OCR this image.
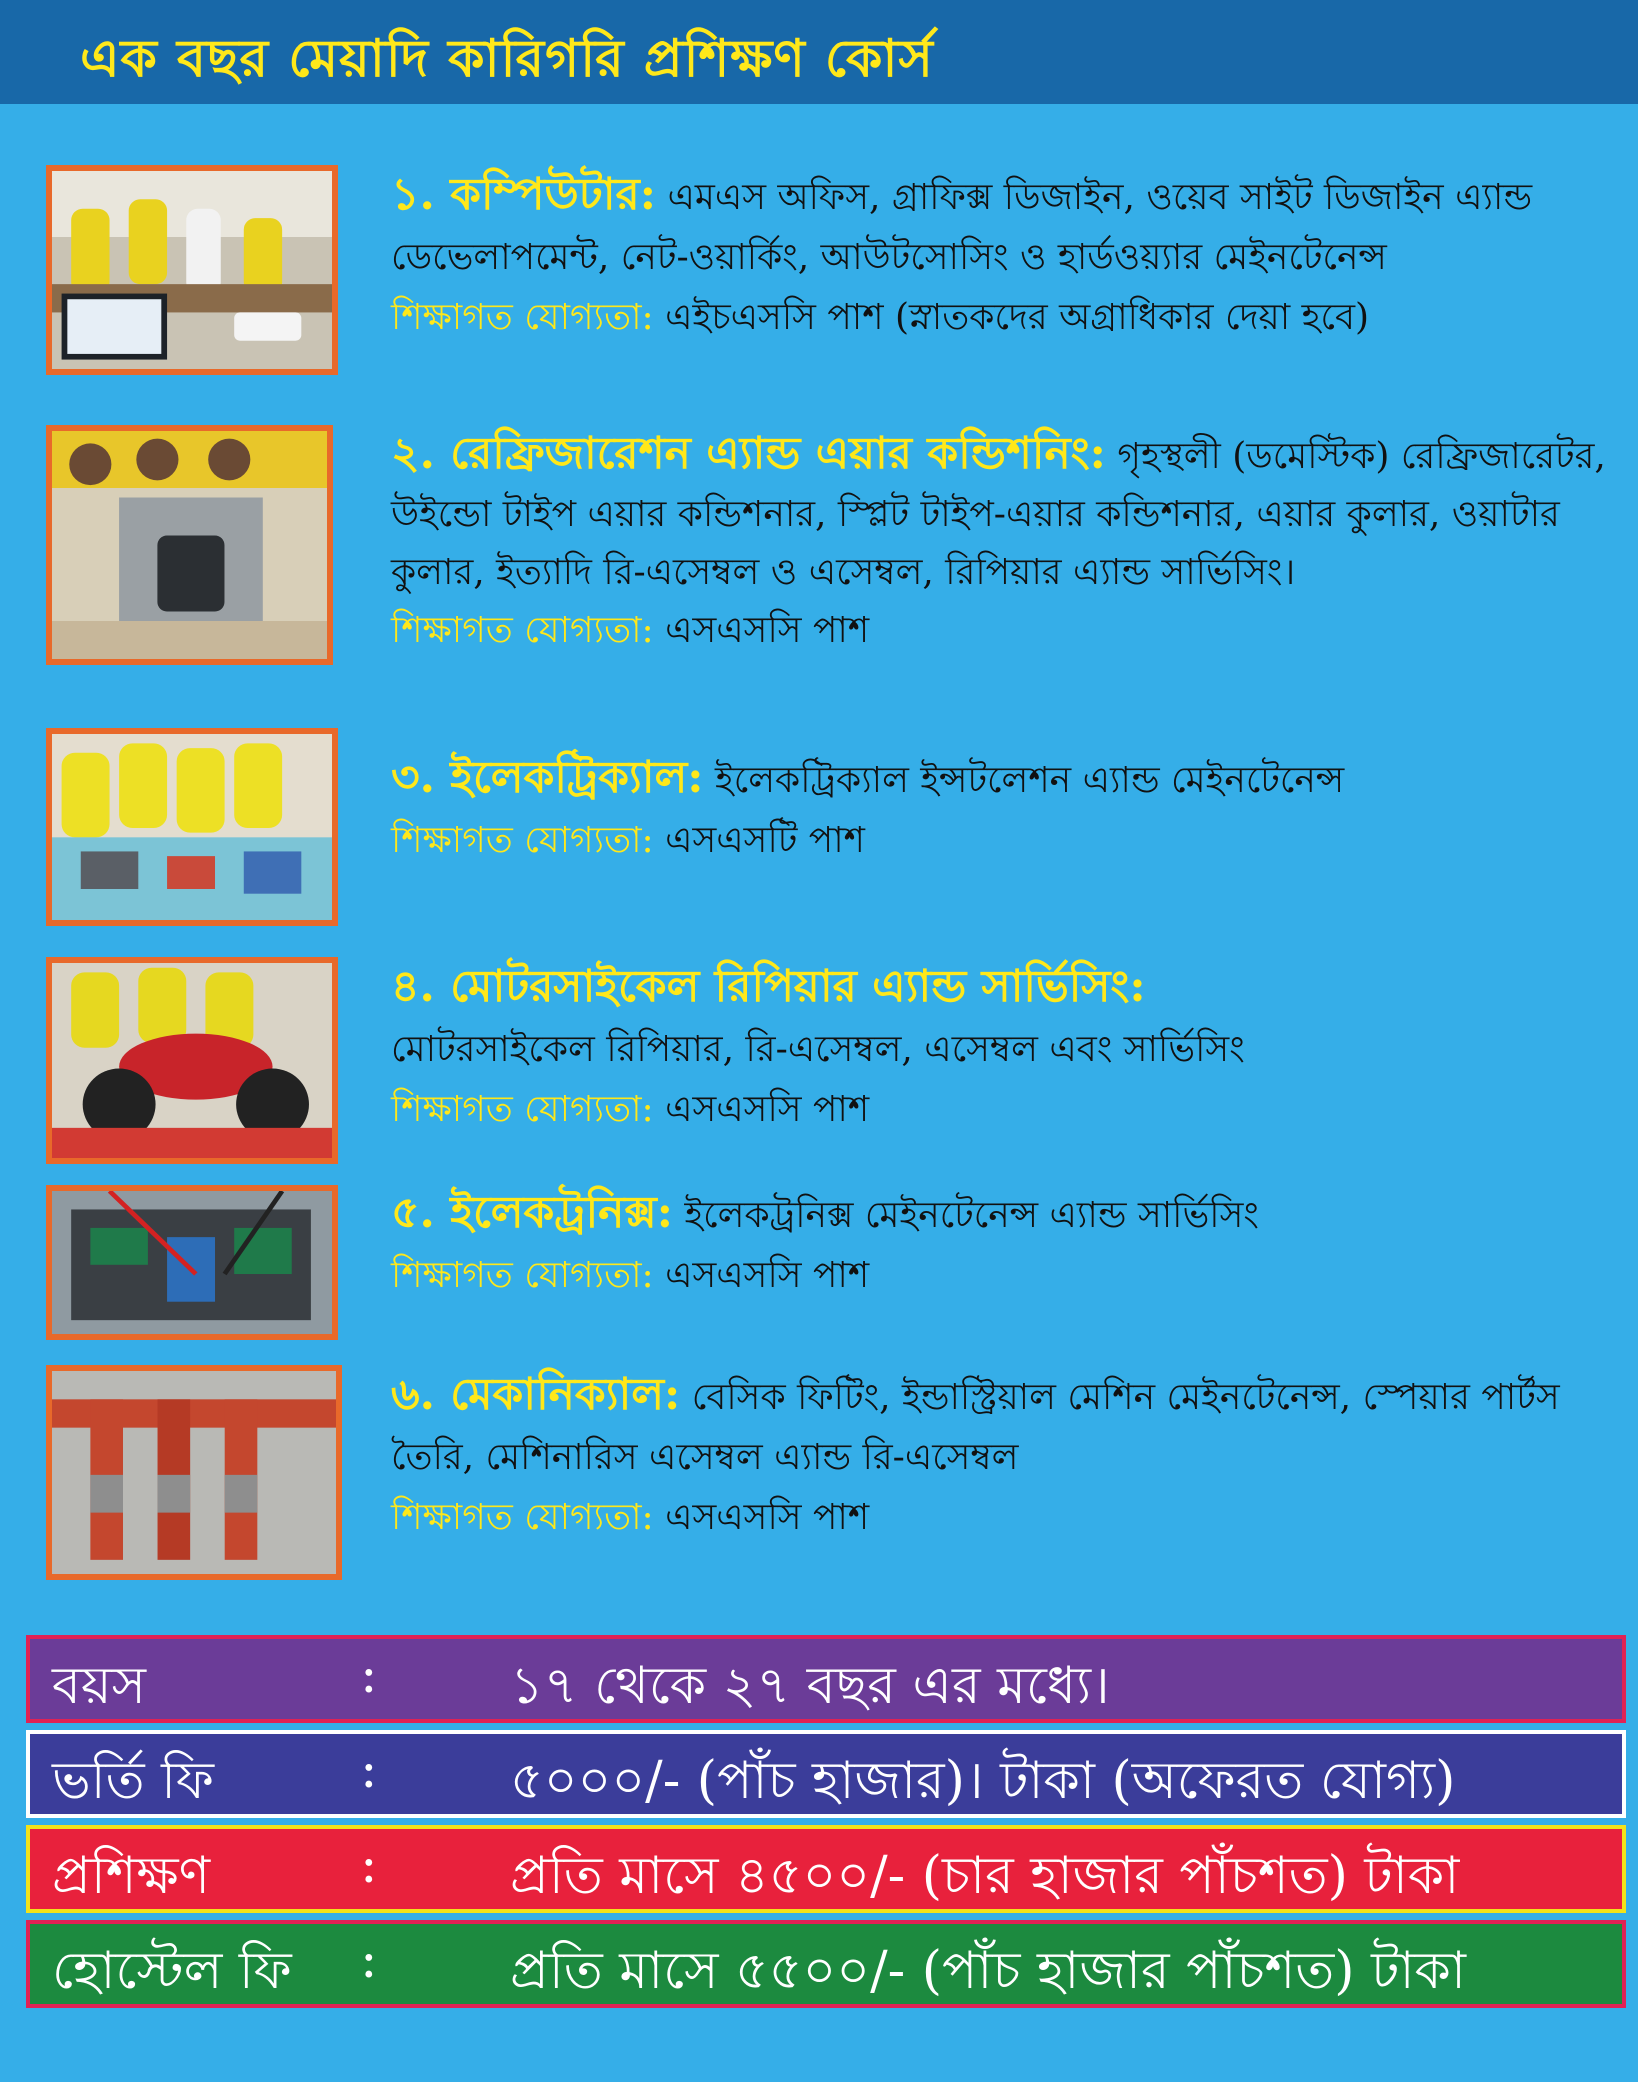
এক বছর মেয়াদি কারিগরি প্রশিক্ষণ কোর্স
১. কম্পিউটার: এমএস অফিস, গ্রাফিক্স ডিজাইন, ওয়েব সাইট ডিজাইন এ্যান্ড ডেভেলাপমেন্ট, নেট-ওয়ার্কিং, আউটসোসিং ও হার্ডওয়্যার মেইনটেনেন্স
শিক্ষাগত যোগ্যতা: এইচএসসি পাশ (স্নাতকদের অগ্রাধিকার দেয়া হবে)
২. রেফ্রিজারেশন এ্যান্ড এয়ার কন্ডিশনিং: গৃহস্থলী (ডমেস্টিক) রেফ্রিজারেটর, উইন্ডো টাইপ এয়ার কন্ডিশনার, স্প্লিট টাইপ-এয়ার কন্ডিশনার, এয়ার কুলার, ওয়াটার কুলার, ইত্যাদি রি-এসেম্বল ও এসেম্বল, রিপিয়ার এ্যান্ড সার্ভিসিং।
শিক্ষাগত যোগ্যতা: এসএসসি পাশ
৩. ইলেকট্রিক্যাল: ইলেকট্রিক্যাল ইন্সটলেশন এ্যান্ড মেইনটেনেন্স
শিক্ষাগত যোগ্যতা: এসএসটি পাশ
৪. মোটরসাইকেল রিপিয়ার এ্যান্ড সার্ভিসিং:
মোটরসাইকেল রিপিয়ার, রি-এসেম্বল, এসেম্বল এবং সার্ভিসিং
শিক্ষাগত যোগ্যতা: এসএসসি পাশ
৫. ইলেকট্রনিক্স: ইলেকট্রনিক্স মেইনটেনেন্স এ্যান্ড সার্ভিসিং
শিক্ষাগত যোগ্যতা: এসএসসি পাশ
৬. মেকানিক্যাল: বেসিক ফিটিং, ইন্ডাস্ট্রিয়াল মেশিন মেইনটেনেন্স, স্পেয়ার পার্টস তৈরি, মেশিনারিস এসেম্বল এ্যান্ড রি-এসেম্বল
শিক্ষাগত যোগ্যতা: এসএসসি পাশ
বয়স	:	১৭ থেকে ২৭ বছর এর মধ্যে।
ভর্তি ফি	:	৫০০০/- (পাঁচ হাজার)। টাকা (অফেরত যোগ্য)
প্রশিক্ষণ	:	প্রতি মাসে ৪৫০০/- (চার হাজার পাঁচশত) টাকা
হোস্টেল ফি :	প্রতি মাসে ৫৫০০/- (পাঁচ হাজার পাঁচশত) টাকা
